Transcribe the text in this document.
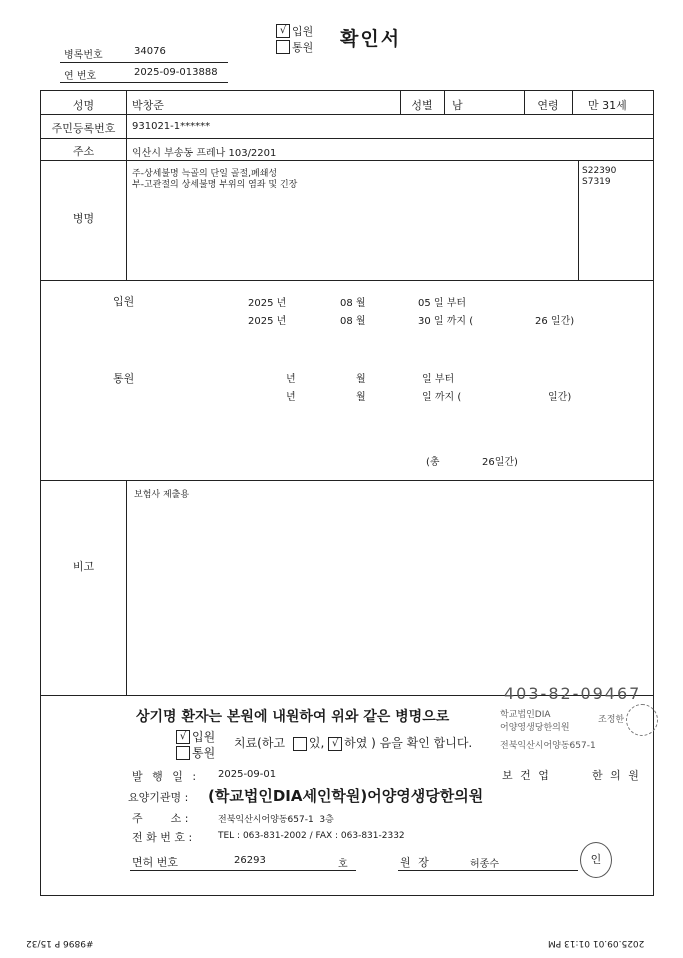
√ 입원
통원 확인서
병록번호	34076
연 번호	2025-09-013888
성명	박창준	성별	남	연령	만 31세
주민등록번호	931021-1******
주소	익산시 부송동 프레나 103/2201
병명
주-상세불명 늑골의 단일 골절,폐쇄성
부-고관절의 상세불명 부위의 염좌 및 긴장
S22390
S7319
입원	2025 년	08 월	05 일 부터
2025 년	08 월	30 일 까지 (	26 일간)
통원	년	월	일 부터
년	월	일 까지 (	일간)
(총	26일간)
비고
보험사 제출용
상기명 환자는 본원에 내원하여 위와 같은 병명으로
403-82-09467
√ 입원
통원
치료(하고 있, √ 하였 ) 음을 확인 합니다.
학교법인DIA
어양영생당한의원
전북익산시어양동657-1
조정한
발 행 일 : 2025-09-01	보 건 업	한 의 원
요양기관명 : (학교법인DIA세인학원)어양영생당한의원
주        소 :	전북익산시어양동657-1  3층
전 화 번 호 :	TEL : 063-831-2002 / FAX : 063-831-2332
면허 번호	26293	호	원 장	허종수	인
#9896 P 15/32	2025.09.01 01:13 PM
